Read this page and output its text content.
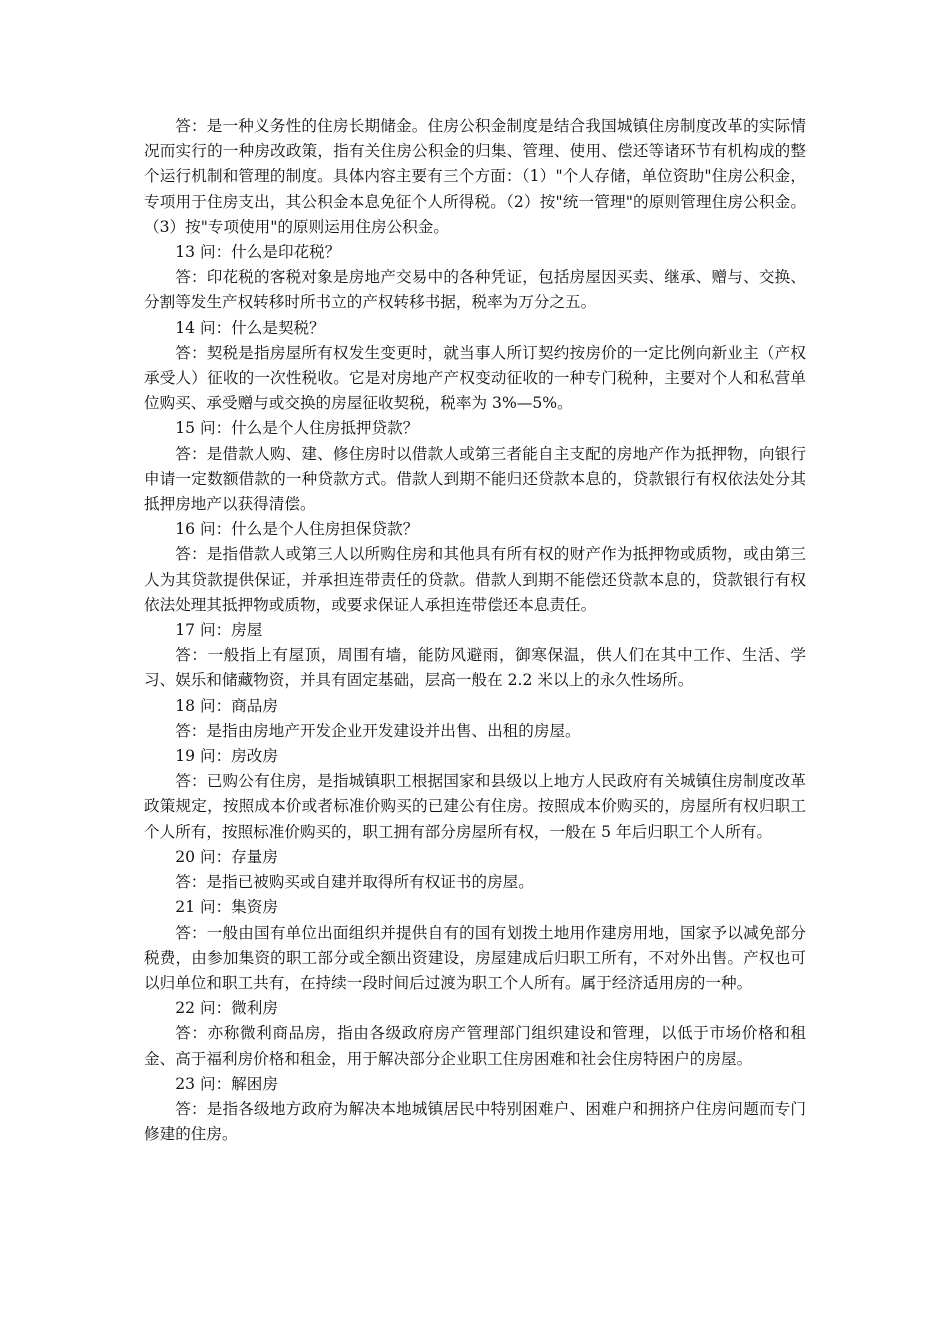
答：是一种义务性的住房长期储金。住房公积金制度是结合我国城镇住房制度改革的实际情况而实行的一种房改政策，指有关住房公积金的归集、管理、使用、偿还等诸环节有机构成的整个运行机制和管理的制度。具体内容主要有三个方面：（1）"个人存储，单位资助"住房公积金，专项用于住房支出，其公积金本息免征个人所得税。（2）按"统一管理"的原则管理住房公积金。（3）按"专项使用"的原则运用住房公积金。

13 问：什么是印花税？

答：印花税的客税对象是房地产交易中的各种凭证，包括房屋因买卖、继承、赠与、交换、分割等发生产权转移时所书立的产权转移书据，税率为万分之五。

14 问：什么是契税？

答：契税是指房屋所有权发生变更时，就当事人所订契约按房价的一定比例向新业主（产权承受人）征收的一次性税收。它是对房地产产权变动征收的一种专门税种，主要对个人和私营单位购买、承受赠与或交换的房屋征收契税，税率为 3%—5%。

15 问：什么是个人住房抵押贷款？

答：是借款人购、建、修住房时以借款人或第三者能自主支配的房地产作为抵押物，向银行申请一定数额借款的一种贷款方式。借款人到期不能归还贷款本息的，贷款银行有权依法处分其抵押房地产以获得清偿。

16 问：什么是个人住房担保贷款？

答：是指借款人或第三人以所购住房和其他具有所有权的财产作为抵押物或质物，或由第三人为其贷款提供保证，并承担连带责任的贷款。借款人到期不能偿还贷款本息的，贷款银行有权依法处理其抵押物或质物，或要求保证人承担连带偿还本息责任。

17 问：房屋

答：一般指上有屋顶，周围有墙，能防风避雨，御寒保温，供人们在其中工作、生活、学习、娱乐和储藏物资，并具有固定基础，层高一般在 2.2 米以上的永久性场所。

18 问：商品房

答：是指由房地产开发企业开发建设并出售、出租的房屋。

19 问：房改房

答：已购公有住房，是指城镇职工根据国家和县级以上地方人民政府有关城镇住房制度改革政策规定，按照成本价或者标准价购买的已建公有住房。按照成本价购买的，房屋所有权归职工个人所有，按照标准价购买的，职工拥有部分房屋所有权，一般在 5 年后归职工个人所有。

20 问：存量房

答：是指已被购买或自建并取得所有权证书的房屋。

21 问：集资房

答：一般由国有单位出面组织并提供自有的国有划拨土地用作建房用地，国家予以减免部分税费，由参加集资的职工部分或全额出资建设，房屋建成后归职工所有，不对外出售。产权也可以归单位和职工共有，在持续一段时间后过渡为职工个人所有。属于经济适用房的一种。

22 问：微利房

答：亦称微利商品房，指由各级政府房产管理部门组织建设和管理，以低于市场价格和租金、高于福利房价格和租金，用于解决部分企业职工住房困难和社会住房特困户的房屋。

23 问：解困房

答：是指各级地方政府为解决本地城镇居民中特别困难户、困难户和拥挤户住房问题而专门修建的住房。
